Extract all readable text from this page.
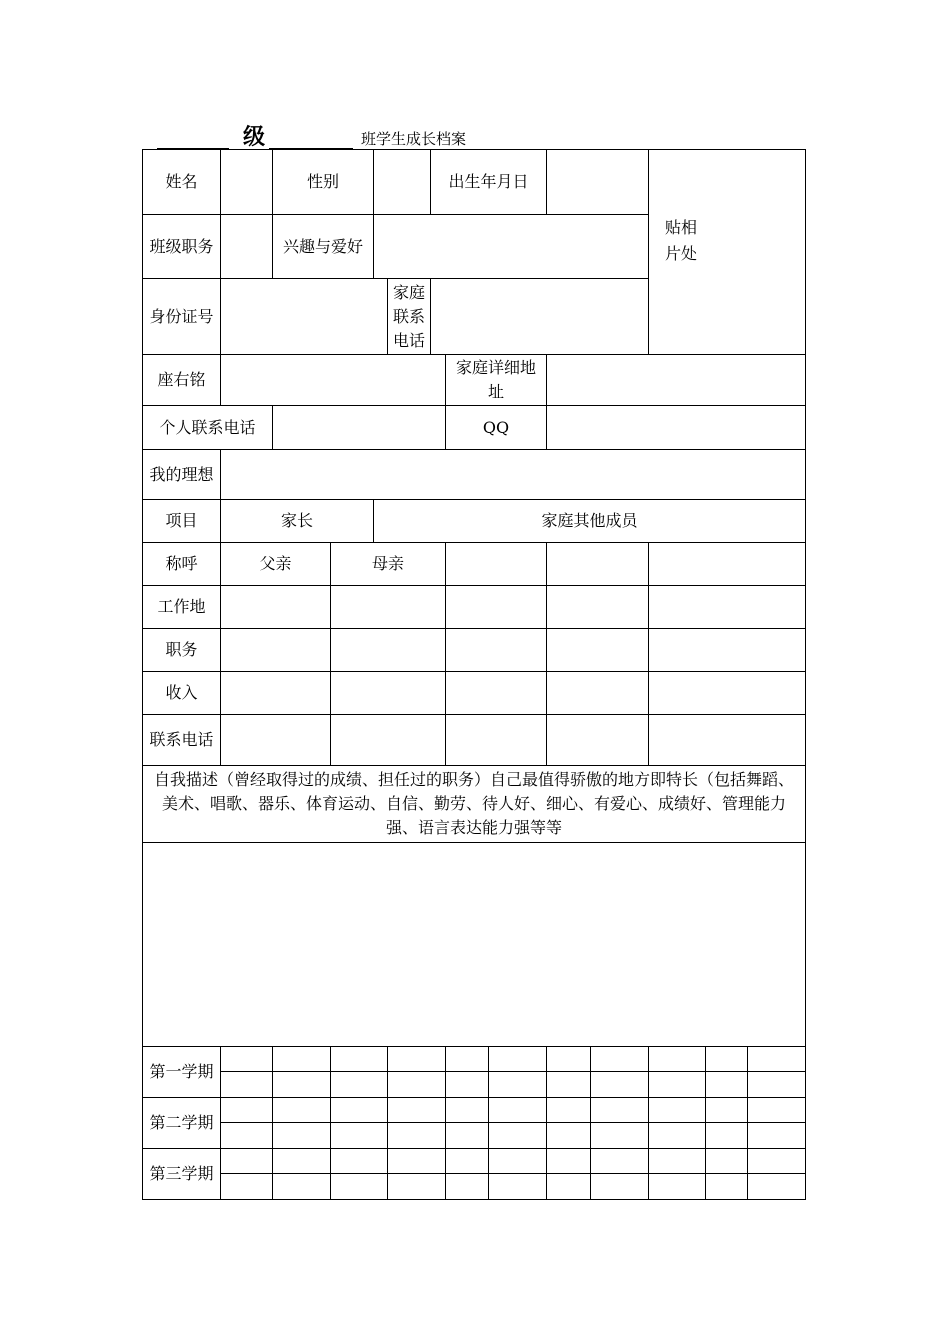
级	班学生成长档案
姓名		性别				出生年月日					贴相片处		

班级职务		兴趣与爱好											
身份证号					家庭联系电话								
座右铭							家庭详细地址						
个人联系电话							QQ						
我的理想													
项目	家长			家庭其他成员									
称呼	父亲		母亲										
工作地													
职务													
收入													
联系电话													
自我描述（曾经取得过的成绩、担任过的职务）自己最值得骄傲的地方即特长（包括舞蹈、美术、唱歌、器乐、体育运动、自信、勤劳、待人好、细心、有爱心、成绩好、管理能力强、语言表达能力强等等													

第一学期													

第二学期													

第三学期													
